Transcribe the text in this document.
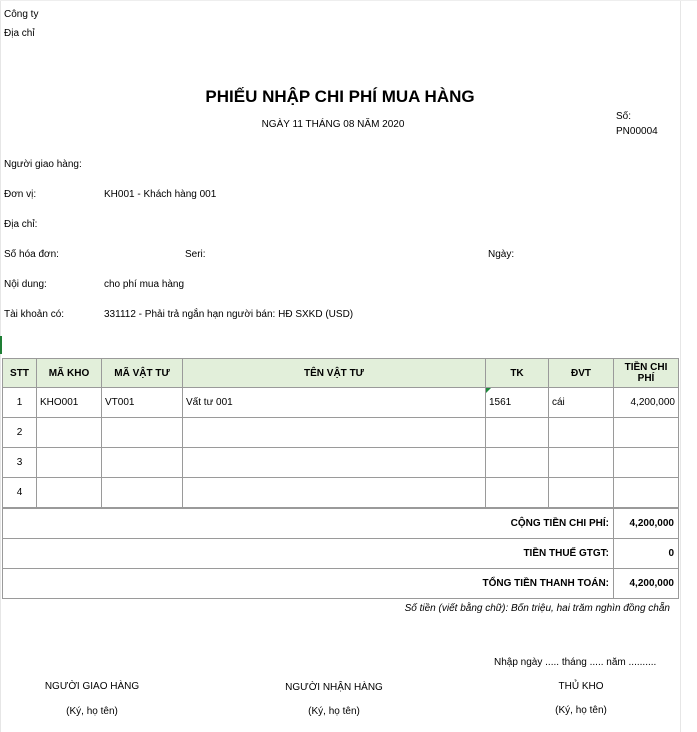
Công ty
Địa chỉ
PHIẾU NHẬP CHI PHÍ MUA HÀNG
NGÀY 11 THÁNG 08 NĂM 2020
Số:
PN00004
Người giao hàng:
Đơn vị:	KH001 - Khách hàng 001
Địa chỉ:
Số hóa đơn:	Seri:	Ngày:
Nội dung:	cho phí mua hàng
Tài khoản có:	331112 - Phải trả ngắn hạn người bán: HĐ SXKD (USD)
STT	MÃ KHO	MÃ VẬT TƯ	TÊN VẬT TƯ	TK	ĐVT	TIỀN CHI PHÍ
1	KHO001	VT001	Vất tư 001	1561	cái	4,200,000
2						
3						
4						
CỘNG TIỀN CHI PHÍ:	4,200,000
TIỀN THUẾ GTGT:	0
TỔNG TIỀN THANH TOÁN:	4,200,000
Số tiền (viết bằng chữ): Bốn triệu, hai trăm nghìn đồng chẵn
Nhập ngày ..... tháng ..... năm ..........
NGƯỜI GIAO HÀNG
(Ký, họ tên)
NGƯỜI NHẬN HÀNG
(Ký, họ tên)
THỦ KHO
(Ký, họ tên)
